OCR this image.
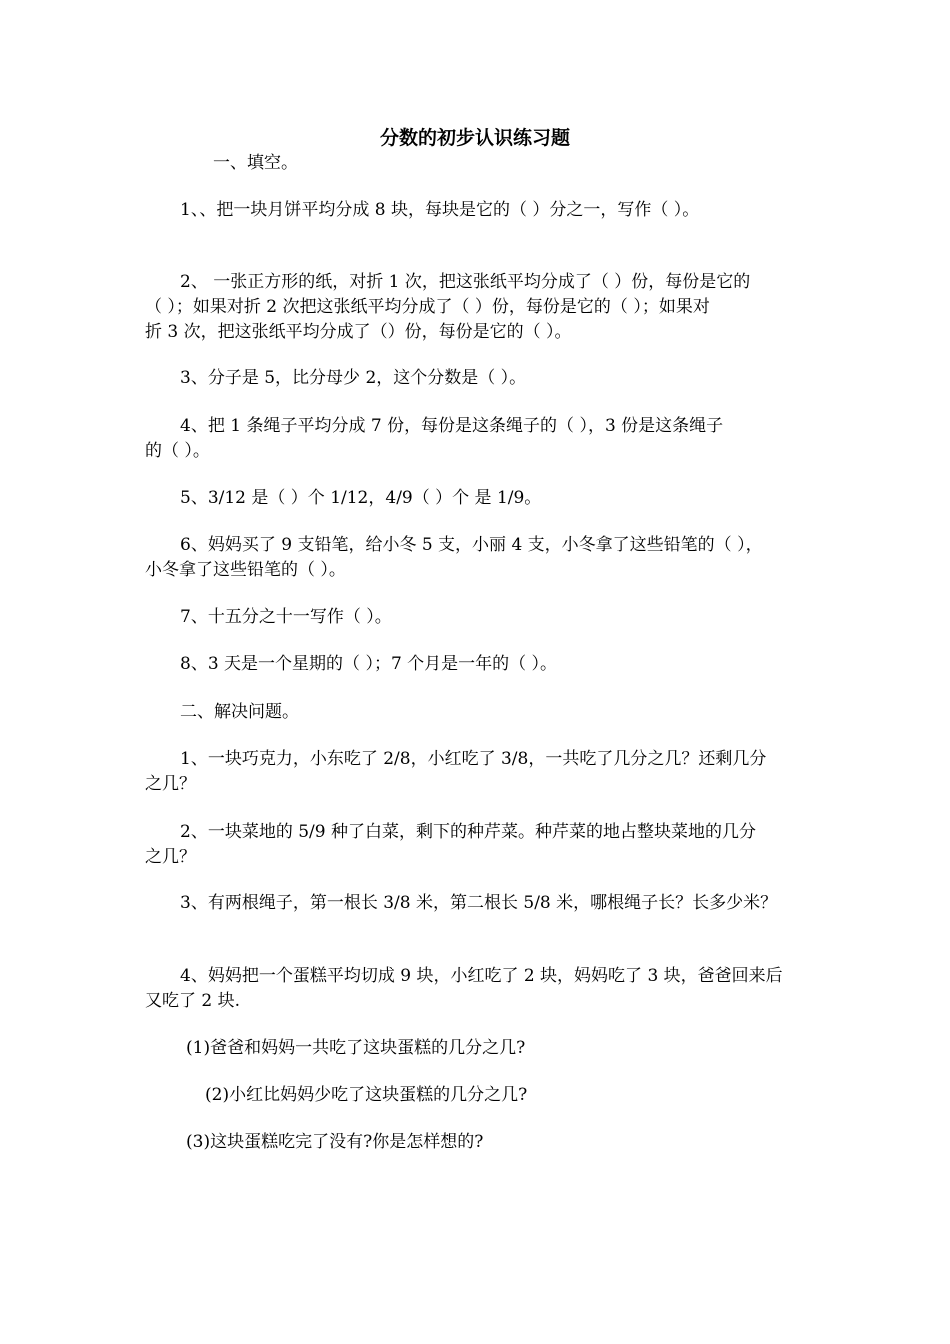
分数的初步认识练习题

一、填空。

1、、把一块月饼平均分成 8 块，每块是它的（ ）分之一，写作（ ）。

2、 一张正方形的纸，对折 1 次，把这张纸平均分成了（ ）份，每份是它的

（ ）；如果对折 2 次把这张纸平均分成了（ ）份，每份是它的（ ）；如果对

折 3 次，把这张纸平均分成了（）份，每份是它的（ ）。

3、分子是 5，比分母少 2，这个分数是（ ）。

4、把 1 条绳子平均分成 7 份，每份是这条绳子的（ ），3 份是这条绳子

的（ ）。

5、3/12 是（ ）个 1/12，4/9（ ）个 是 1/9。

6、妈妈买了 9 支铅笔，给小冬 5 支，小丽 4 支，小冬拿了这些铅笔的（ ），

小冬拿了这些铅笔的（ ）。

7、十五分之十一写作（ ）。

8、3 天是一个星期的（ ）；7 个月是一年的（ ）。

二、解决问题。

1、一块巧克力，小东吃了 2/8，小红吃了 3/8，一共吃了几分之几？还剩几分

之几？

2、一块菜地的 5/9 种了白菜，剩下的种芹菜。种芹菜的地占整块菜地的几分

之几？

3、有两根绳子，第一根长 3/8 米，第二根长 5/8 米，哪根绳子长？长多少米？

4、妈妈把一个蛋糕平均切成 9 块，小红吃了 2 块，妈妈吃了 3 块，爸爸回来后

又吃了 2 块.

(1)爸爸和妈妈一共吃了这块蛋糕的几分之几?

(2)小红比妈妈少吃了这块蛋糕的几分之几?

(3)这块蛋糕吃完了没有?你是怎样想的?
